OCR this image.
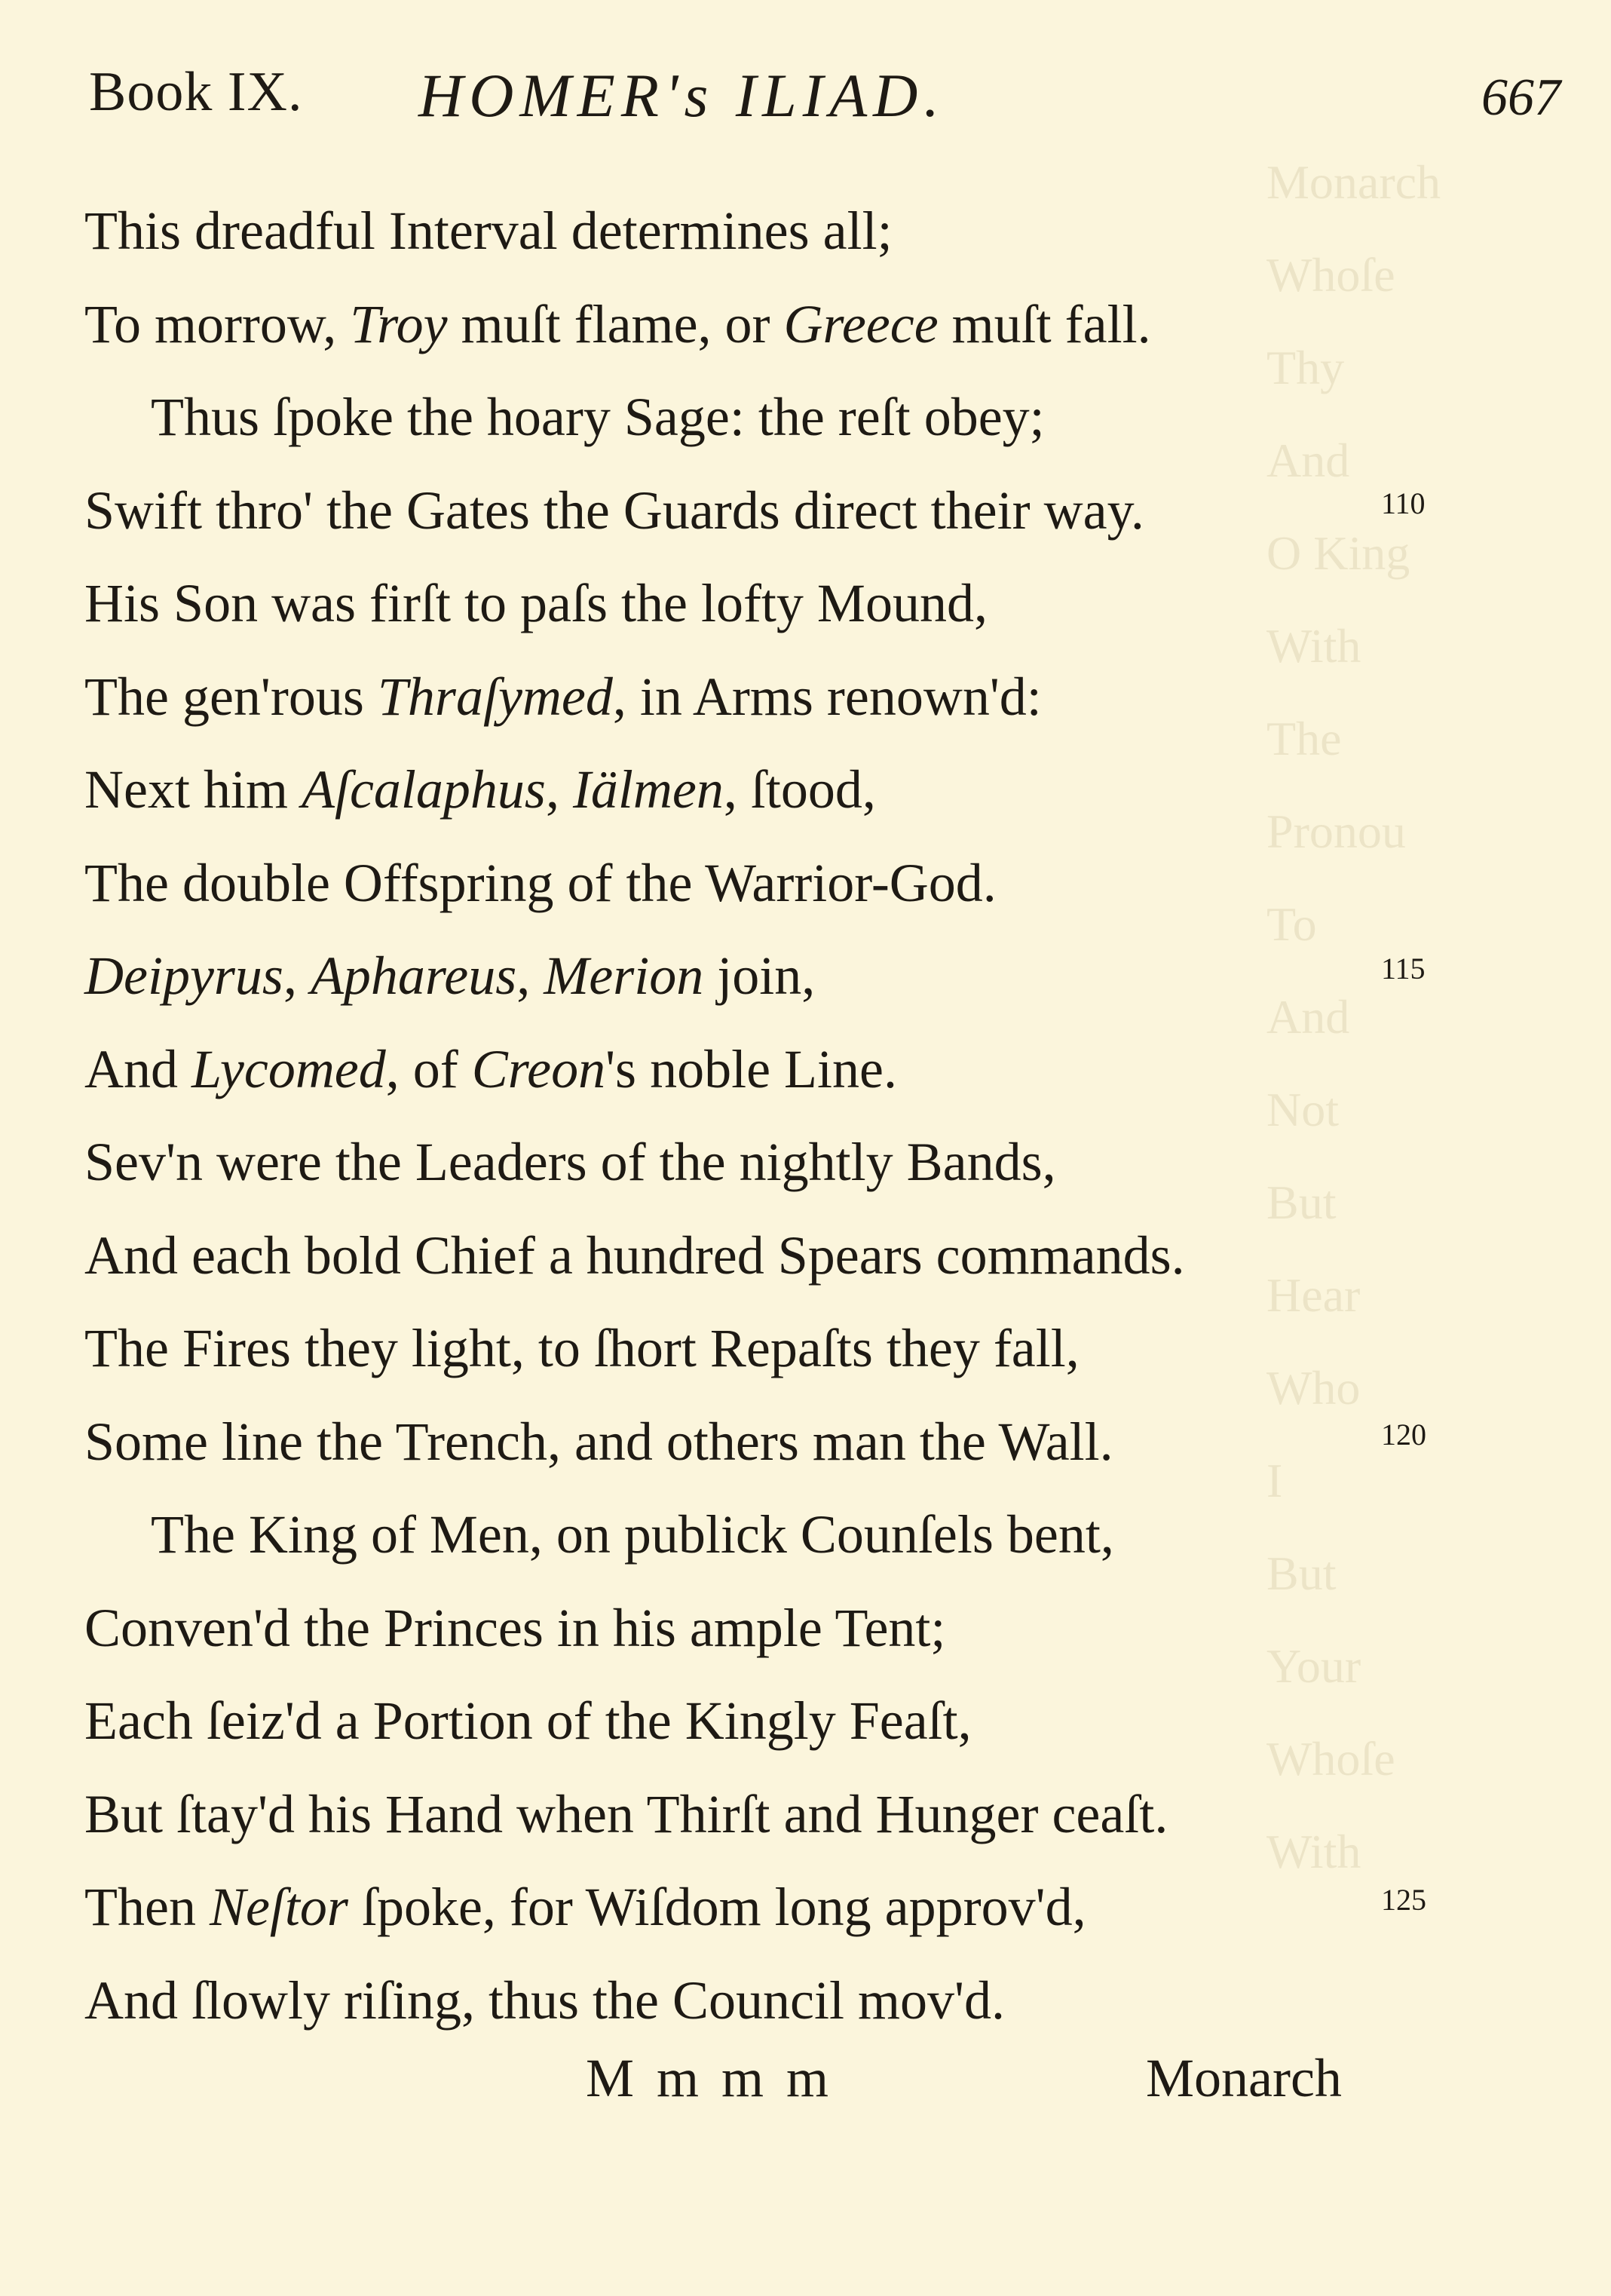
Monarch
Whoſe
Thy
And
O King
With
The
Pronou
To
And
Not
But
Hear
Who
I
But
Your
Whoſe
With
Book IX. HOMER's ILIAD.	667
This dreadful Interval determines all;
To morrow, Troy muſt flame, or Greece muſt fall.
Thus ſpoke the hoary Sage: the reſt obey;
Swift thro' the Gates the Guards direct their way.	110
His Son was firſt to paſs the lofty Mound,
The gen'rous Thraſymed, in Arms renown'd:
Next him Aſcalaphus, Iälmen, ſtood,
The double Offspring of the Warrior-God.
Deipyrus, Aphareus, Merion join,	115
And Lycomed, of Creon's noble Line.
Sev'n were the Leaders of the nightly Bands,
And each bold Chief a hundred Spears commands.
The Fires they light, to ſhort Repaſts they fall,
Some line the Trench, and others man the Wall.	120
The King of Men, on publick Counſels bent,
Conven'd the Princes in his ample Tent;
Each ſeiz'd a Portion of the Kingly Feaſt,
But ſtay'd his Hand when Thirſt and Hunger ceaſt.
Then Neſtor ſpoke, for Wiſdom long approv'd,	125
And ſlowly riſing, thus the Council mov'd.
M m m m	Monarch
